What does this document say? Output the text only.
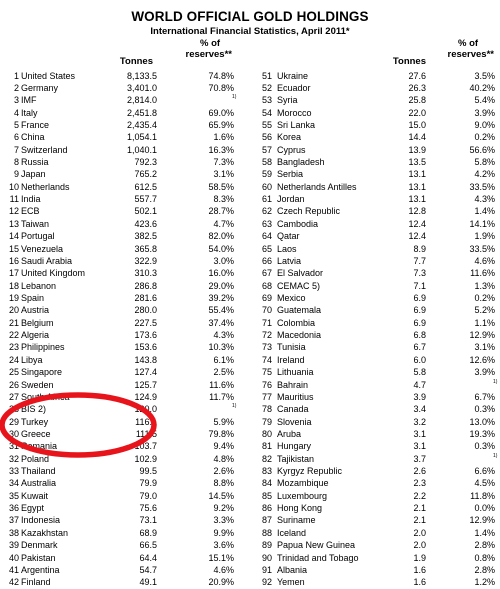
WORLD OFFICIAL GOLD HOLDINGS
International Financial Statistics, April 2011*
Tonnes
% of
reserves**
Tonnes
% of
reserves**
1 United States	8,133.5	74.8%
2 Germany	3,401.0	70.8%
3 IMF	2,814.0	1)
4 Italy	2,451.8	69.0%
5 France	2,435.4	65.9%
6 China	1,054.1	1.6%
7 Switzerland	1,040.1	16.3%
8 Russia	792.3	7.3%
9 Japan	765.2	3.1%
10 Netherlands	612.5	58.5%
11 India	557.7	8.3%
12 ECB	502.1	28.7%
13 Taiwan	423.6	4.7%
14 Portugal	382.5	82.0%
15 Venezuela	365.8	54.0%
16 Saudi Arabia	322.9	3.0%
17 United Kingdom	310.3	16.0%
18 Lebanon	286.8	29.0%
19 Spain	281.6	39.2%
20 Austria	280.0	55.4%
21 Belgium	227.5	37.4%
22 Algeria	173.6	4.3%
23 Philippines	153.6	10.3%
24 Libya	143.8	6.1%
25 Singapore	127.4	2.5%
26 Sweden	125.7	11.6%
27 South Africa	124.9	11.7%
28 BIS 2)	120.0	1)
29 Turkey	116.1	5.9%
30 Greece	111.5	79.8%
31 Romania	103.7	9.4%
32 Poland	102.9	4.8%
33 Thailand	99.5	2.6%
34 Australia	79.9	8.8%
35 Kuwait	79.0	14.5%
36 Egypt	75.6	9.2%
37 Indonesia	73.1	3.3%
38 Kazakhstan	68.9	9.9%
39 Denmark	66.5	3.6%
40 Pakistan	64.4	15.1%
41 Argentina	54.7	4.6%
42 Finland	49.1	20.9%
51 Ukraine	27.6	3.5%
52 Ecuador	26.3	40.2%
53 Syria	25.8	5.4%
54 Morocco	22.0	3.9%
55 Sri Lanka	15.0	9.0%
56 Korea	14.4	0.2%
57 Cyprus	13.9	56.6%
58 Bangladesh	13.5	5.8%
59 Serbia	13.1	4.2%
60 Netherlands Antilles	13.1	33.5%
61 Jordan	13.1	4.3%
62 Czech Republic	12.8	1.4%
63 Cambodia	12.4	14.1%
64 Qatar	12.4	1.9%
65 Laos	8.9	33.5%
66 Latvia	7.7	4.6%
67 El Salvador	7.3	11.6%
68 CEMAC 5)	7.1	1.3%
69 Mexico	6.9	0.2%
70 Guatemala	6.9	5.2%
71 Colombia	6.9	1.1%
72 Macedonia	6.8	12.9%
73 Tunisia	6.7	3.1%
74 Ireland	6.0	12.6%
75 Lithuania	5.8	3.9%
76 Bahrain	4.7	1)
77 Mauritius	3.9	6.7%
78 Canada	3.4	0.3%
79 Slovenia	3.2	13.0%
80 Aruba	3.1	19.3%
81 Hungary	3.1	0.3%
82 Tajikistan	3.7	1)
83 Kyrgyz Republic	2.6	6.6%
84 Mozambique	2.3	4.5%
85 Luxembourg	2.2	11.8%
86 Hong Kong	2.1	0.0%
87 Suriname	2.1	12.9%
88 Iceland	2.0	1.4%
89 Papua New Guinea	2.0	2.8%
90 Trinidad and Tobago	1.9	0.8%
91 Albania	1.6	2.8%
92 Yemen	1.6	1.2%
